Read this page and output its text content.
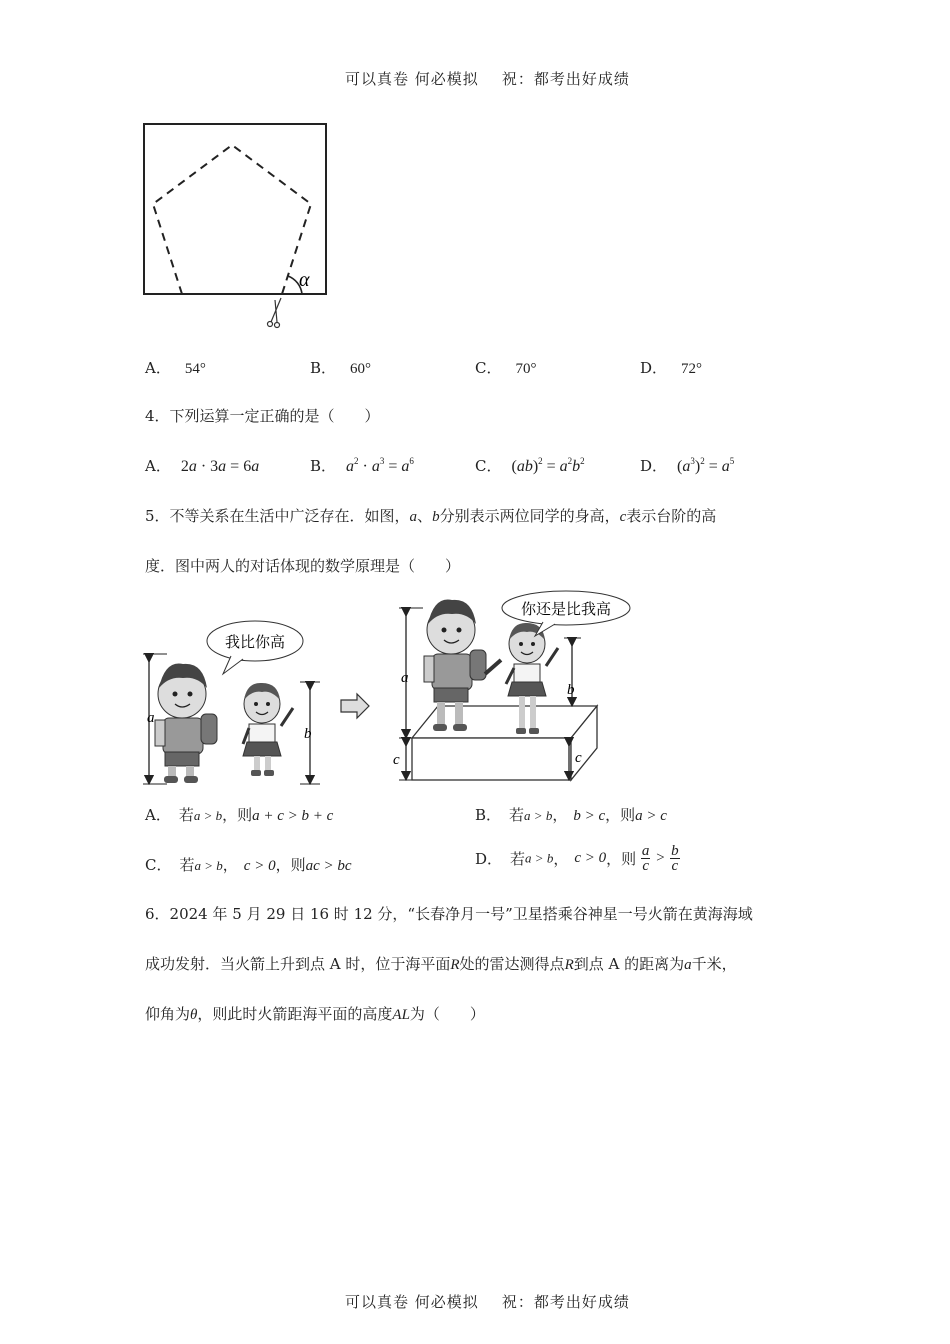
可以真卷 何必模拟    祝：都考出好成绩
α
A． 54°	B． 60°	C． 70°	D． 72°
4．下列运算一定正确的是（　　）
A． 2a · 3a = 6a	B． $a^2 \cdot a^3 = a^6$	C． $(ab)^2 = a^2b^2$	D． $(a^3)^2 = a^5$
5．不等关系在生活中广泛存在．如图，a、b分别表示两位同学的身高，c表示台阶的高
度．图中两人的对话体现的数学原理是（　　）
a
b
我比你高
a
c	c
b
你还是比我高
A． 若a > b，则a + c > b + c	B． 若a > b， b > c，则a > c
C． 若a > b， c > 0，则ac > bc	D． 若a > b， c > 0，则 $\frac{a}{c} > \frac{b}{c}$
6．2024 年 5 月 29 日 16 时 12 分，“长春净月一号”卫星搭乘谷神星一号火箭在黄海海域
成功发射．当火箭上升到点 A 时，位于海平面R处的雷达测得点R到点 A 的距离为a千米，
仰角为θ，则此时火箭距海平面的高度AL为（　　）
可以真卷 何必模拟    祝：都考出好成绩
